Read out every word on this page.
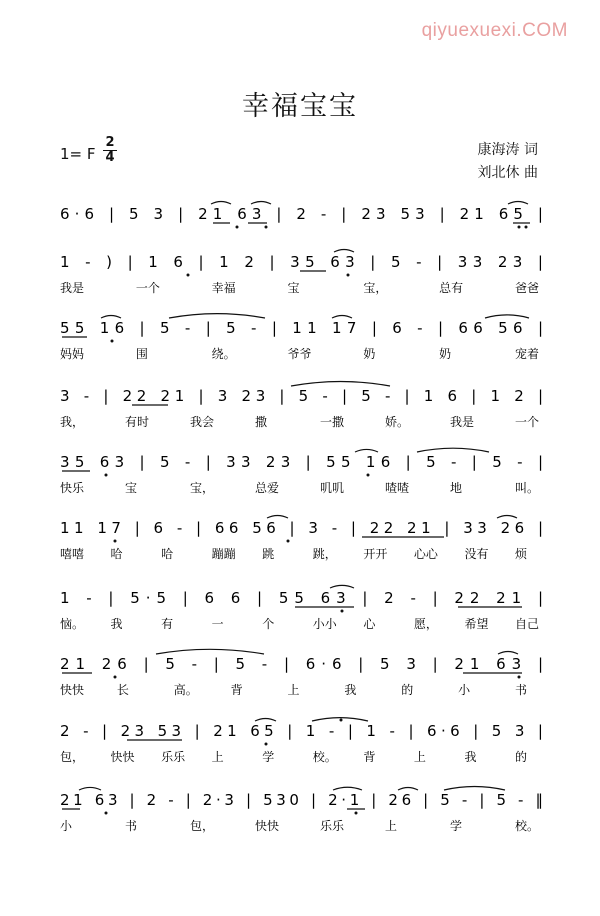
qiyuexuexi.COM
幸福宝宝
1= F
2
4	康海涛 词
刘北休 曲
6·6 | 5 3 | 21 63 | 2 - | 23 53 | 21 65 |
1 - ) | 1 6 | 1 2 | 35 63 | 5 - | 33 23 |
我是	一个	幸福	宝	宝，	总有	爸爸
55 16 | 5 - | 5 - | 11 17 | 6 - | 66 56 |
妈妈	围	绕。	爷爷	奶	奶	宠着
3 - | 22 21 | 3 23 | 5 - | 5 - | 1 6 | 1 2 |
我，	有时	我会	撒	一撒	娇。	我是	一个
35 63 | 5 - | 33 23 | 55 16 | 5 - | 5 - |
快乐	宝	宝，	总爱	叽叽	喳喳	地	叫。
11 17 | 6 - | 66 56 | 3 - | 22 21 | 33 26 |
嘻嘻 哈	哈	蹦蹦 跳	跳， 开开 心心 没有 烦
1 - | 5·5 | 6 6 | 55 63 | 2 - | 22 21 |
恼。 我	有	一	个	小小 心	愿， 希望 自己
21 26 | 5 - | 5 - | 6·6 | 5 3 | 21 63 |
快快	长	高。	背	上	我	的	小	书
2 - | 23 53 | 21 65 | 1 - | 1 - | 6·6 | 5 3 |
包， 快快 乐乐 上	学	校。 背	上	我	的
21 63 | 2 - | 2·3 | 530 | 2·1 | 26 | 5 - | 5 - ‖
小	书	包，	快快	乐乐	上	学	校。
